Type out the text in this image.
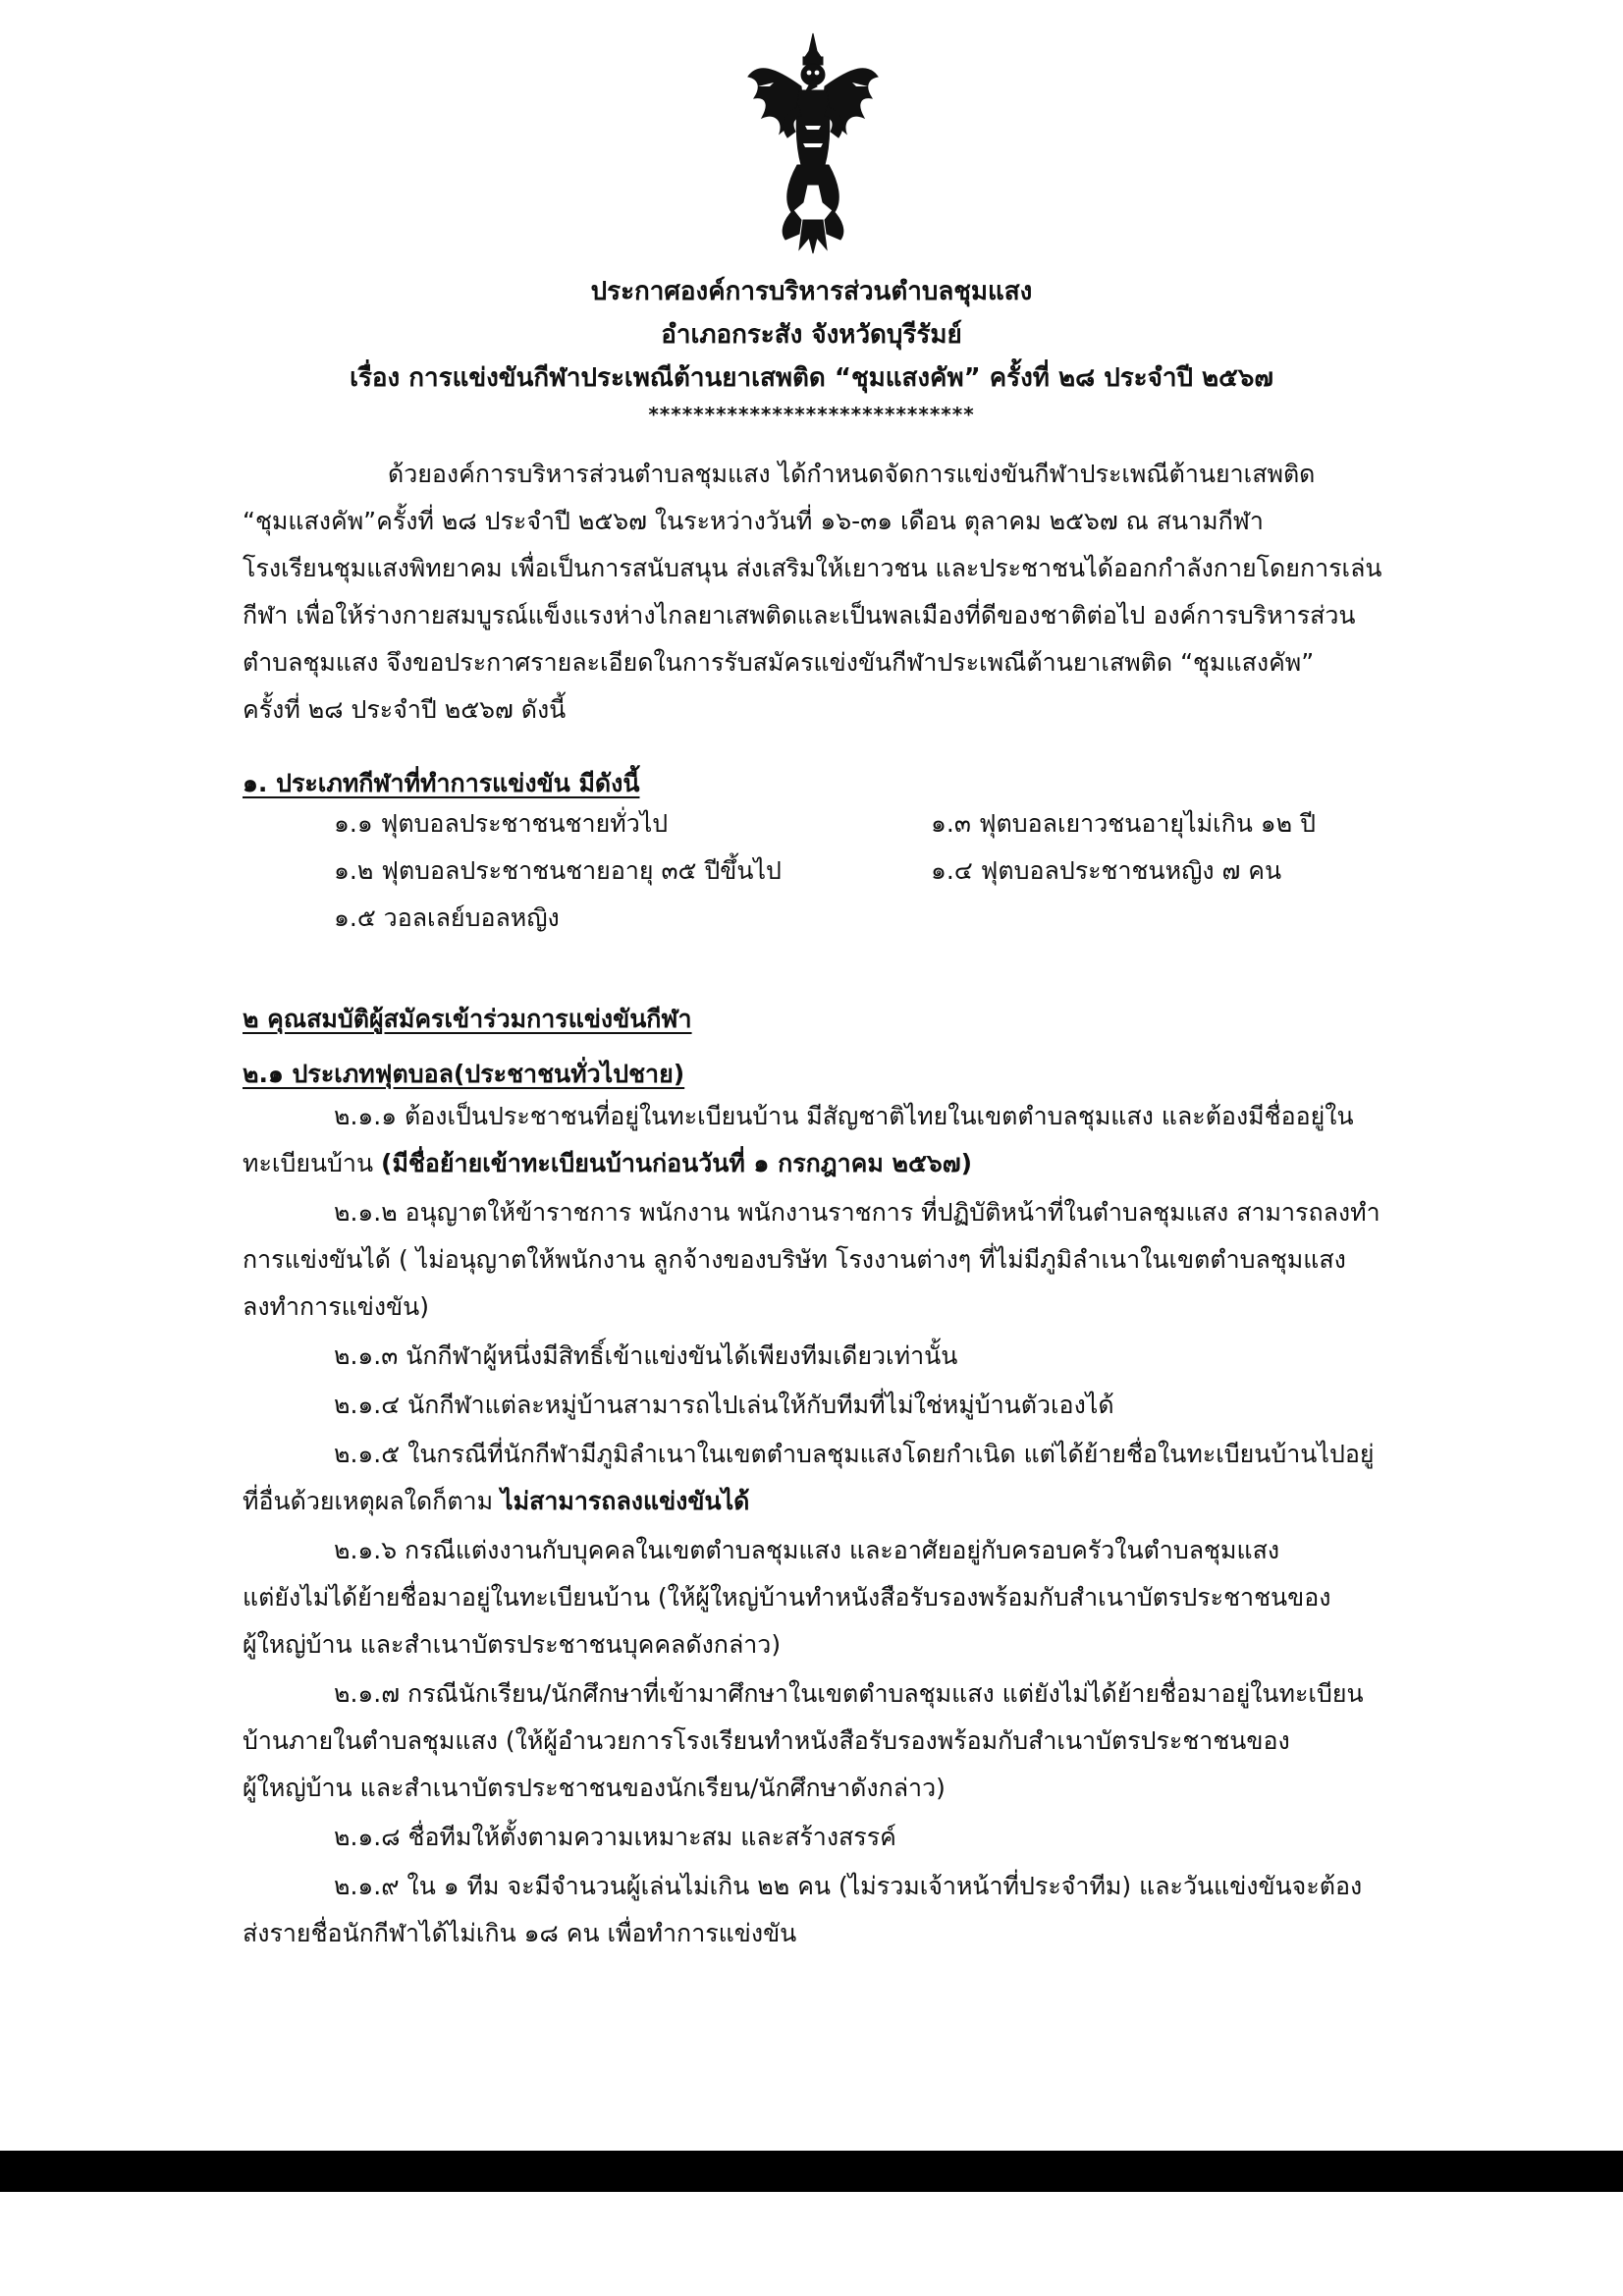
ประกาศองค์การบริหารส่วนตำบลชุมแสง
อำเภอกระสัง จังหวัดบุรีรัมย์
เรื่อง การแข่งขันกีฬาประเพณีต้านยาเสพติด “ชุมแสงคัพ” ครั้งที่ ๒๘ ประจำปี ๒๕๖๗
*****************************
ด้วยองค์การบริหารส่วนตำบลชุมแสง ได้กำหนดจัดการแข่งขันกีฬาประเพณีต้านยาเสพติด
“ชุมแสงคัพ”ครั้งที่ ๒๘ ประจำปี ๒๕๖๗ ในระหว่างวันที่ ๑๖-๓๑ เดือน ตุลาคม ๒๕๖๗ ณ สนามกีฬา
โรงเรียนชุมแสงพิทยาคม เพื่อเป็นการสนับสนุน ส่งเสริมให้เยาวชน และประชาชนได้ออกกำลังกายโดยการเล่น
กีฬา เพื่อให้ร่างกายสมบูรณ์แข็งแรงห่างไกลยาเสพติดและเป็นพลเมืองที่ดีของชาติต่อไป องค์การบริหารส่วน
ตำบลชุมแสง จึงขอประกาศรายละเอียดในการรับสมัครแข่งขันกีฬาประเพณีต้านยาเสพติด “ชุมแสงคัพ”
ครั้งที่ ๒๘ ประจำปี ๒๕๖๗ ดังนี้
๑. ประเภทกีฬาที่ทำการแข่งขัน มีดังนี้
๑.๑ ฟุตบอลประชาชนชายทั่วไป	๑.๓ ฟุตบอลเยาวชนอายุไม่เกิน ๑๒ ปี
๑.๒ ฟุตบอลประชาชนชายอายุ ๓๕ ปีขึ้นไป	๑.๔ ฟุตบอลประชาชนหญิง ๗ คน
๑.๕ วอลเลย์บอลหญิง
๒ คุณสมบัติผู้สมัครเข้าร่วมการแข่งขันกีฬา
๒.๑ ประเภทฟุตบอล(ประชาชนทั่วไปชาย)
๒.๑.๑ ต้องเป็นประชาชนที่อยู่ในทะเบียนบ้าน มีสัญชาติไทยในเขตตำบลชุมแสง และต้องมีชื่ออยู่ใน
ทะเบียนบ้าน (มีชื่อย้ายเข้าทะเบียนบ้านก่อนวันที่ ๑ กรกฎาคม ๒๕๖๗)
๒.๑.๒ อนุญาตให้ข้าราชการ พนักงาน พนักงานราชการ ที่ปฏิบัติหน้าที่ในตำบลชุมแสง สามารถลงทำ
การแข่งขันได้ ( ไม่อนุญาตให้พนักงาน ลูกจ้างของบริษัท โรงงานต่างๆ ที่ไม่มีภูมิลำเนาในเขตตำบลชุมแสง
ลงทำการแข่งขัน)
๒.๑.๓ นักกีฬาผู้หนึ่งมีสิทธิ์เข้าแข่งขันได้เพียงทีมเดียวเท่านั้น
๒.๑.๔ นักกีฬาแต่ละหมู่บ้านสามารถไปเล่นให้กับทีมที่ไม่ใช่หมู่บ้านตัวเองได้
๒.๑.๕ ในกรณีที่นักกีฬามีภูมิลำเนาในเขตตำบลชุมแสงโดยกำเนิด แต่ได้ย้ายชื่อในทะเบียนบ้านไปอยู่
ที่อื่นด้วยเหตุผลใดก็ตาม ไม่สามารถลงแข่งขันได้
๒.๑.๖ กรณีแต่งงานกับบุคคลในเขตตำบลชุมแสง และอาศัยอยู่กับครอบครัวในตำบลชุมแสง
แต่ยังไม่ได้ย้ายชื่อมาอยู่ในทะเบียนบ้าน (ให้ผู้ใหญ่บ้านทำหนังสือรับรองพร้อมกับสำเนาบัตรประชาชนของ
ผู้ใหญ่บ้าน และสำเนาบัตรประชาชนบุคคลดังกล่าว)
๒.๑.๗ กรณีนักเรียน/นักศึกษาที่เข้ามาศึกษาในเขตตำบลชุมแสง แต่ยังไม่ได้ย้ายชื่อมาอยู่ในทะเบียน
บ้านภายในตำบลชุมแสง (ให้ผู้อำนวยการโรงเรียนทำหนังสือรับรองพร้อมกับสำเนาบัตรประชาชนของ
ผู้ใหญ่บ้าน และสำเนาบัตรประชาชนของนักเรียน/นักศึกษาดังกล่าว)
๒.๑.๘ ชื่อทีมให้ตั้งตามความเหมาะสม และสร้างสรรค์
๒.๑.๙ ใน ๑ ทีม จะมีจำนวนผู้เล่นไม่เกิน ๒๒ คน (ไม่รวมเจ้าหน้าที่ประจำทีม) และวันแข่งขันจะต้อง
ส่งรายชื่อนักกีฬาได้ไม่เกิน ๑๘ คน เพื่อทำการแข่งขัน
